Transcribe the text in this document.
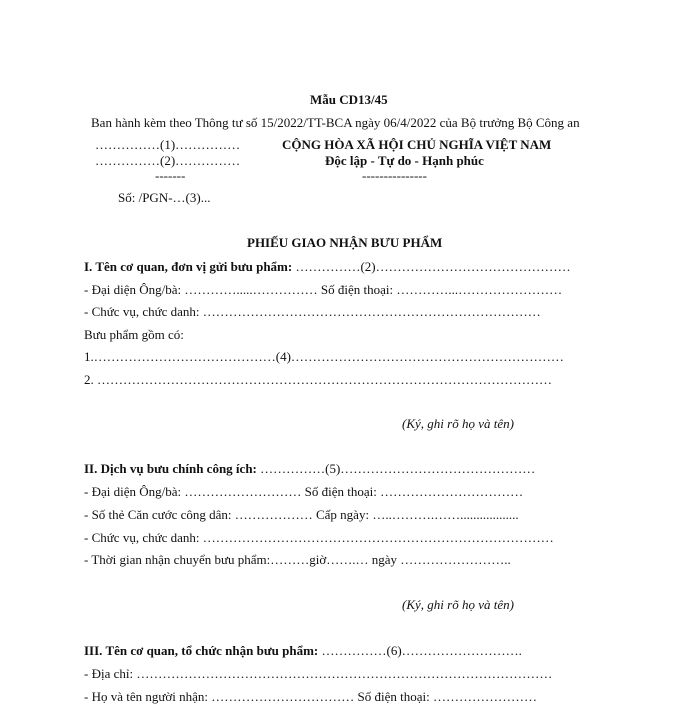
Mẫu CD13/45
Ban hành kèm theo Thông tư số 15/2022/TT-BCA ngày 06/4/2022 của Bộ trưởng Bộ Công an
……………(1)……………
……………(2)……………
-------
Số: /PGN-…(3)...
CỘNG HÒA XÃ HỘI CHỦ NGHĨA VIỆT NAM
Độc lập - Tự do - Hạnh phúc
---------------
PHIẾU GIAO NHẬN BƯU PHẨM
I. Tên cơ quan, đơn vị gửi bưu phẩm: ……………(2)………………………………………
- Đại diện Ông/bà: ………….....…………… Số điện thoại: …………...……………………
- Chức vụ, chức danh: ……………………………………………………………………
Bưu phẩm gồm có:
1.……………………………………(4)………………………………………………………
2. ……………………………………………………………………………………………
(Ký, ghi rõ họ và tên)
II. Dịch vụ bưu chính công ích: ……………(5)………………………………………
- Đại diện Ông/bà: ……………………… Số điện thoại: ……………………………
- Số thẻ Căn cước công dân: ……………… Cấp ngày: …..……….……..................
- Chức vụ, chức danh: ………………………………………………………………………
- Thời gian nhận chuyển bưu phẩm:………giờ…….… ngày ……………………..
(Ký, ghi rõ họ và tên)
III. Tên cơ quan, tổ chức nhận bưu phẩm: ……………(6)……………………….
- Địa chỉ: ……………………………………………………………………………………
- Họ và tên người nhận: …………………………… Số điện thoại: ……………………
